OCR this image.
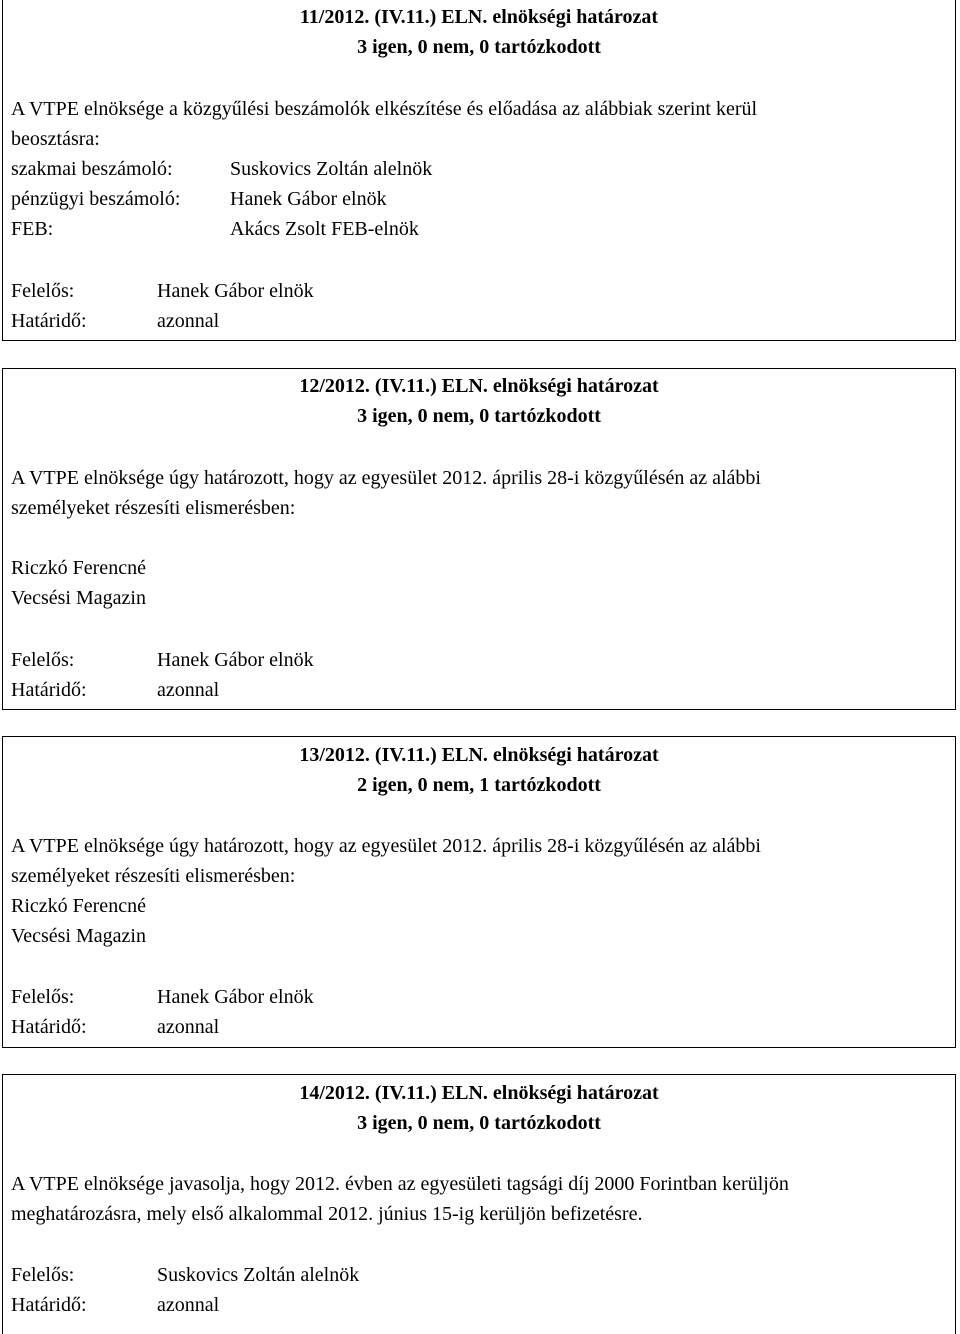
11/2012. (IV.11.) ELN. elnökségi határozat
3 igen, 0 nem, 0 tartózkodott
A VTPE elnöksége a közgyűlési beszámolók elkészítése és előadása az alábbiak szerint kerül
beosztásra:
szakmai beszámoló:	Suskovics Zoltán alelnök
pénzügyi beszámoló: Hanek Gábor elnök
FEB:	Akács Zsolt FEB-elnök
Felelős:	Hanek Gábor elnök
Határidő:	azonnal
12/2012. (IV.11.) ELN. elnökségi határozat
3 igen, 0 nem, 0 tartózkodott
A VTPE elnöksége úgy határozott, hogy az egyesület 2012. április 28-i közgyűlésén az alábbi
személyeket részesíti elismerésben:
Riczkó Ferencné
Vecsési Magazin
Felelős:	Hanek Gábor elnök
Határidő:	azonnal
13/2012. (IV.11.) ELN. elnökségi határozat
2 igen, 0 nem, 1 tartózkodott
A VTPE elnöksége úgy határozott, hogy az egyesület 2012. április 28-i közgyűlésén az alábbi
személyeket részesíti elismerésben:
Riczkó Ferencné
Vecsési Magazin
Felelős:	Hanek Gábor elnök
Határidő:	azonnal
14/2012. (IV.11.) ELN. elnökségi határozat
3 igen, 0 nem, 0 tartózkodott
A VTPE elnöksége javasolja, hogy 2012. évben az egyesületi tagsági díj 2000 Forintban kerüljön
meghatározásra, mely első alkalommal 2012. június 15-ig kerüljön befizetésre.
Felelős:	Suskovics Zoltán alelnök
Határidő:	azonnal
